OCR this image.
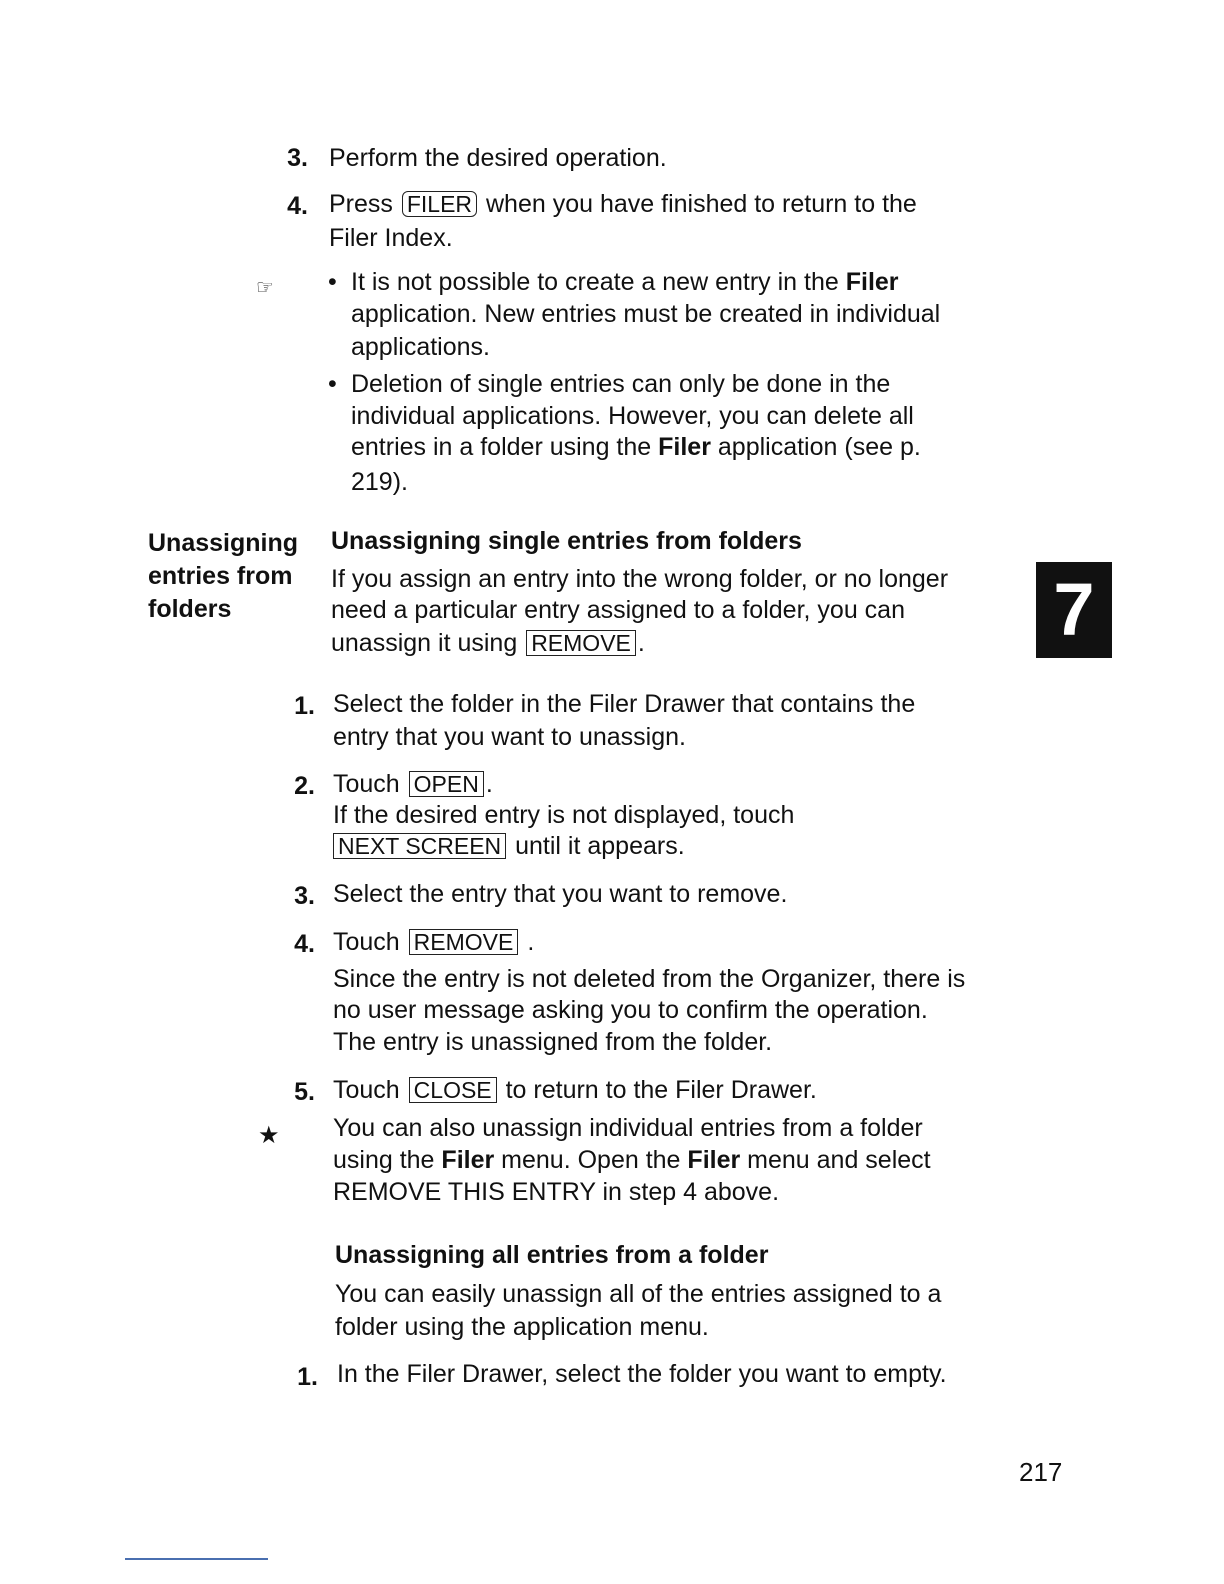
3. Perform the desired operation.
4. Press FILER when you have finished to return to the
Filer Index.
☞ • It is not possible to create a new entry in the Filer
application. New entries must be created in individual
applications.
• Deletion of single entries can only be done in the
individual applications. However, you can delete all
entries in a folder using the Filer application (see p.
219).
Unassigning
entries from
folders
Unassigning single entries from folders
If you assign an entry into the wrong folder, or no longer
need a particular entry assigned to a folder, you can
unassign it using REMOVE .	7
1. Select the folder in the Filer Drawer that contains the
entry that you want to unassign.
2. Touch OPEN .
If the desired entry is not displayed, touch
NEXT SCREEN until it appears.
3. Select the entry that you want to remove.
4. Touch REMOVE .
Since the entry is not deleted from the Organizer, there is
no user message asking you to confirm the operation.
The entry is unassigned from the folder.
5. Touch CLOSE to return to the Filer Drawer.
★ You can also unassign individual entries from a folder
using the Filer menu. Open the Filer menu and select
REMOVE THIS ENTRY in step 4 above.
Unassigning all entries from a folder
You can easily unassign all of the entries assigned to a
folder using the application menu.
1. In the Filer Drawer, select the folder you want to empty.
217
